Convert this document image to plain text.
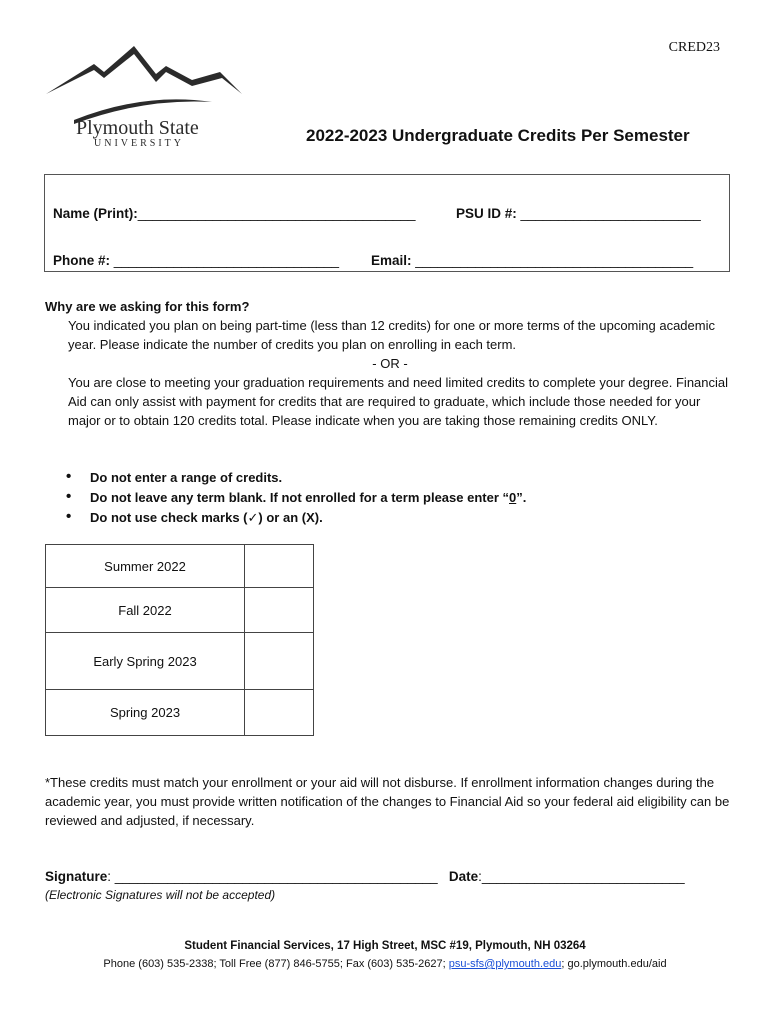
CRED23
Plymouth State
UNIVERSITY	2022-2023 Undergraduate Credits Per Semester
Name (Print):_____________________________________	PSU ID #: ________________________
Phone #: ______________________________ Email: _____________________________________
Why are we asking for this form?
You indicated you plan on being part-time (less than 12 credits) for one or more terms of the upcoming academic year. Please indicate the number of credits you plan on enrolling in each term.
- OR -
You are close to meeting your graduation requirements and need limited credits to complete your degree. Financial Aid can only assist with payment for credits that are required to graduate, which include those needed for your major or to obtain 120 credits total. Please indicate when you are taking those remaining credits ONLY.
• Do not enter a range of credits.
• Do not leave any term blank. If not enrolled for a term please enter “0”.
• Do not use check marks (✓) or an (X).
Summer 2022	
Fall 2022	
Early Spring 2023	
Spring 2023	
*These credits must match your enrollment or your aid will not disburse. If enrollment information changes during the academic year, you must provide written notification of the changes to Financial Aid so your federal aid eligibility can be reviewed and adjusted, if necessary.
Signature: ___________________________________________ Date:___________________________
(Electronic Signatures will not be accepted)
Student Financial Services, 17 High Street, MSC #19, Plymouth, NH 03264
Phone (603) 535-2338; Toll Free (877) 846-5755; Fax (603) 535-2627; psu-sfs@plymouth.edu; go.plymouth.edu/aid
